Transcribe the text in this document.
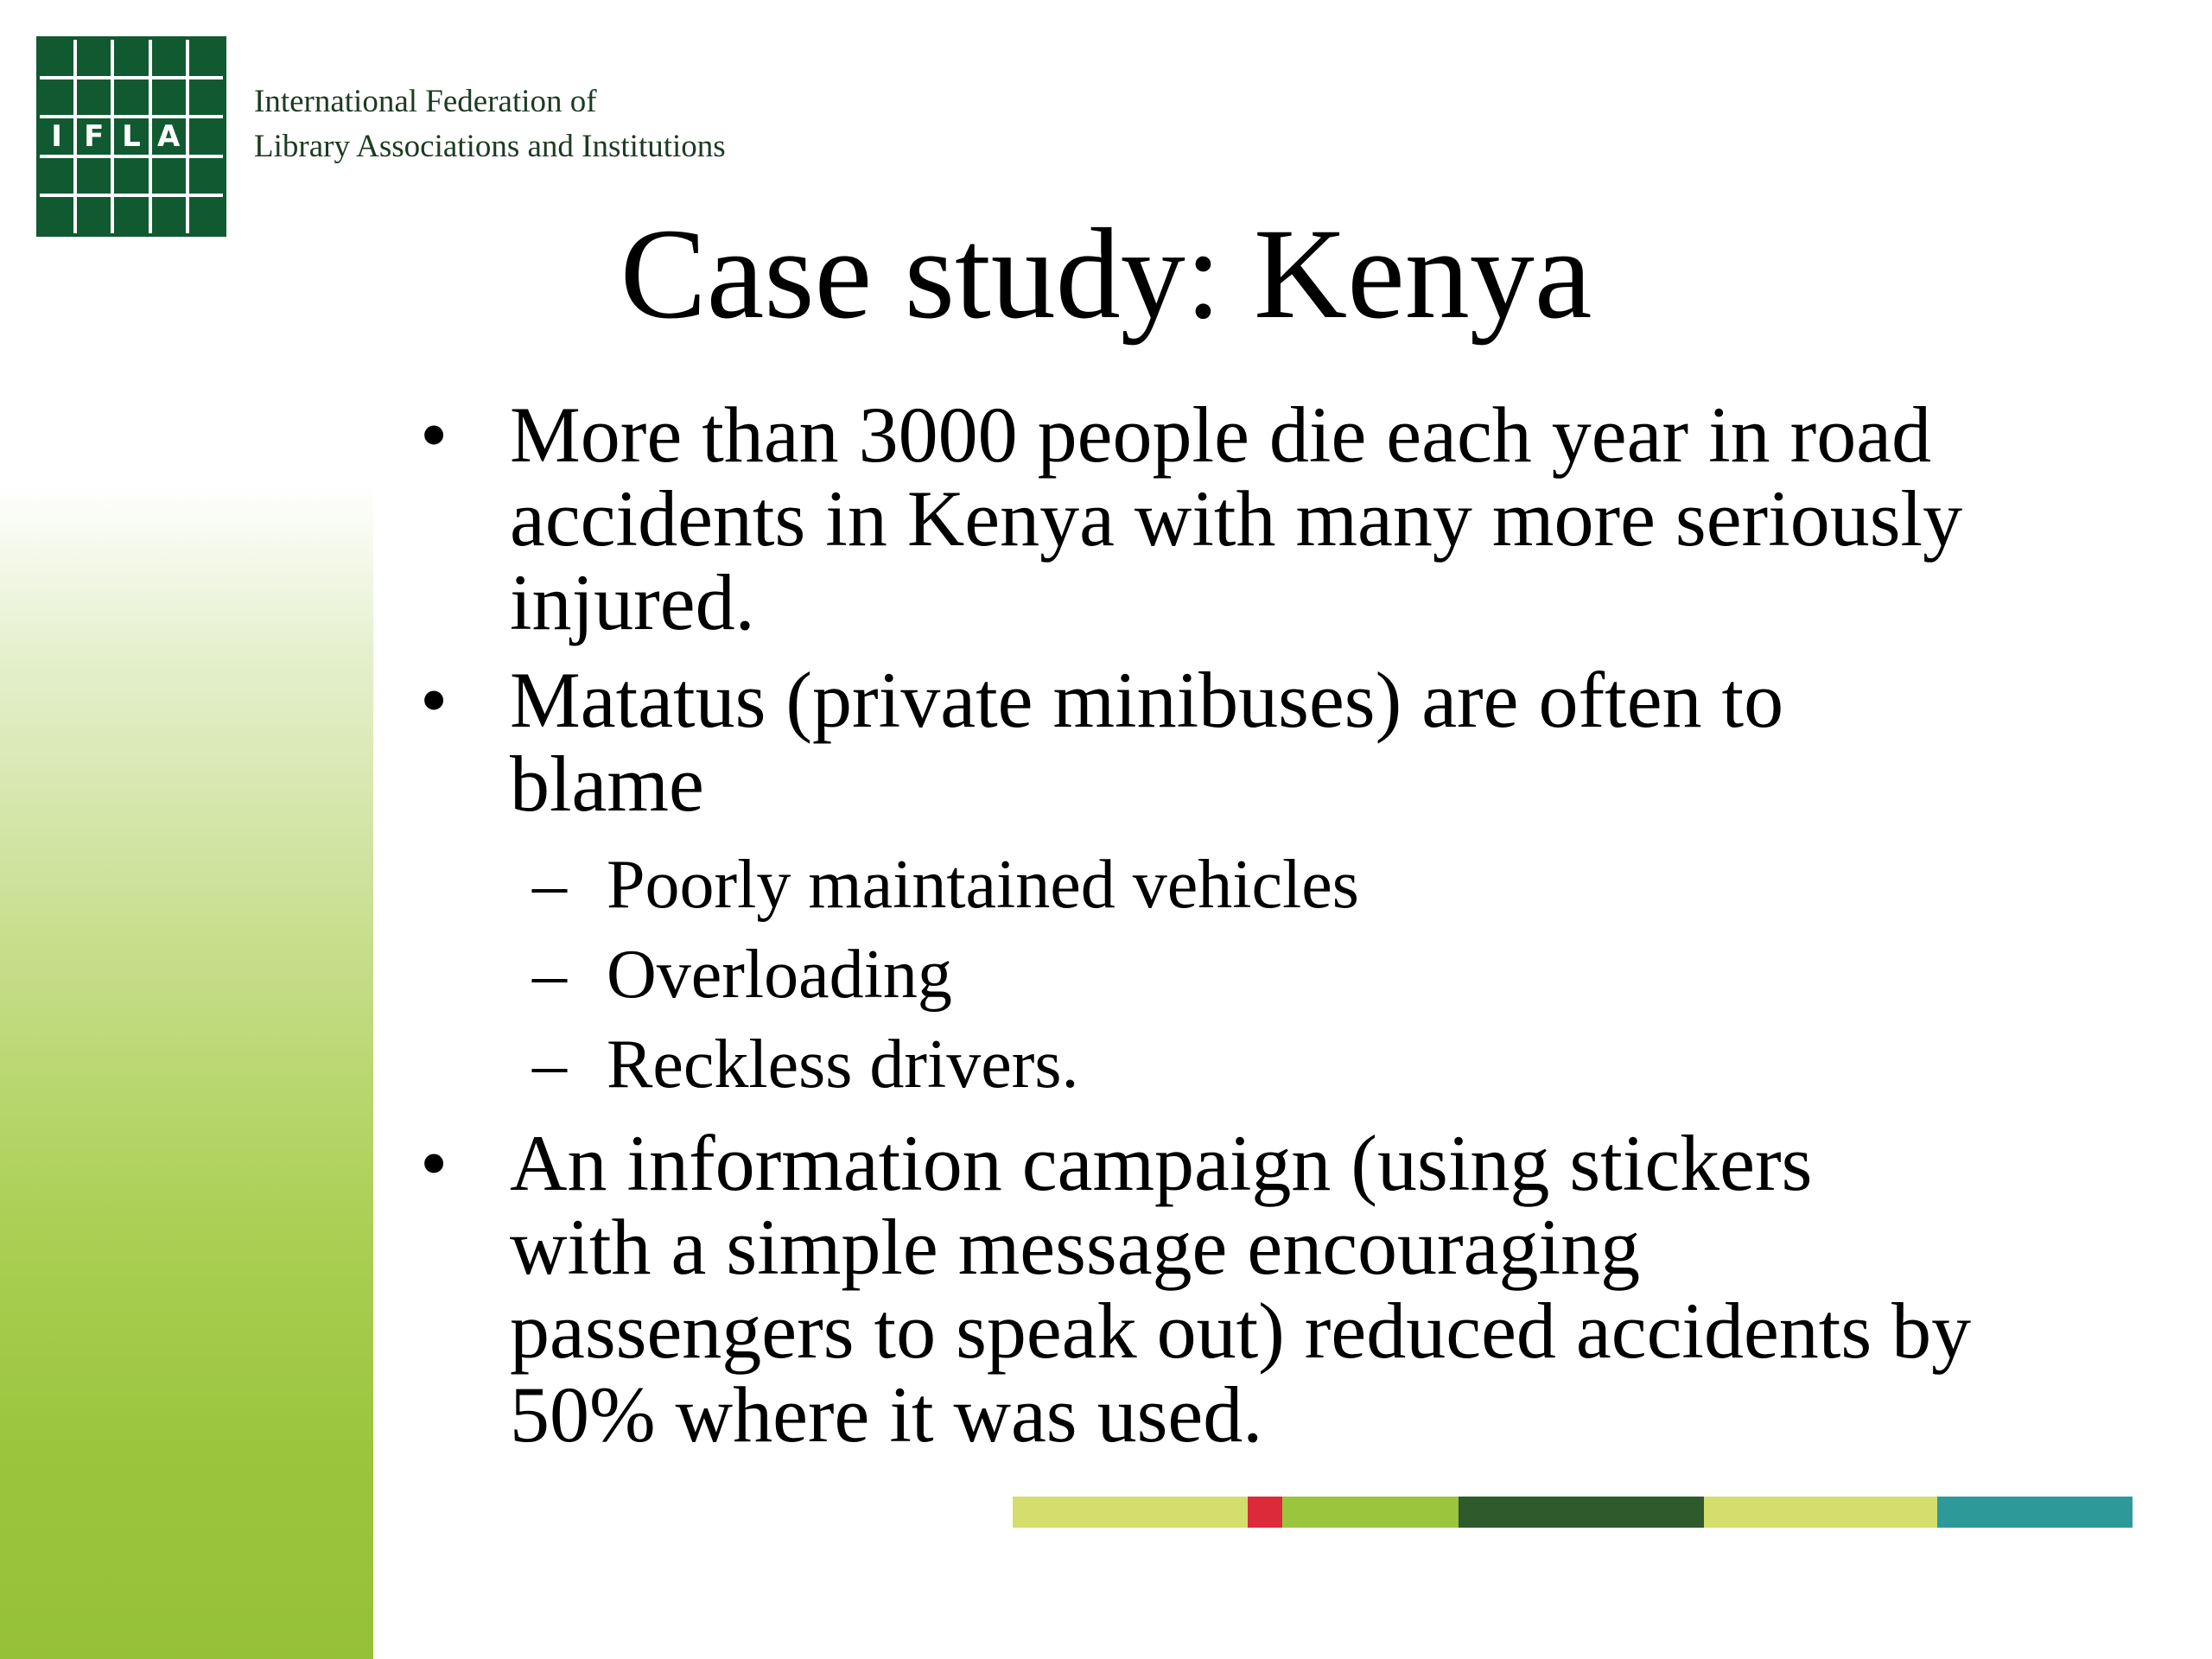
I F L A
International Federation of
Library Associations and Institutions
Case study: Kenya
• More than 3000 people die each year in road
accidents in Kenya with many more seriously
injured.
• Matatus (private minibuses) are often to
blame
– Poorly maintained vehicles
– Overloading
– Reckless drivers.
• An information campaign (using stickers
with a simple message encouraging
passengers to speak out) reduced accidents by
50% where it was used.
